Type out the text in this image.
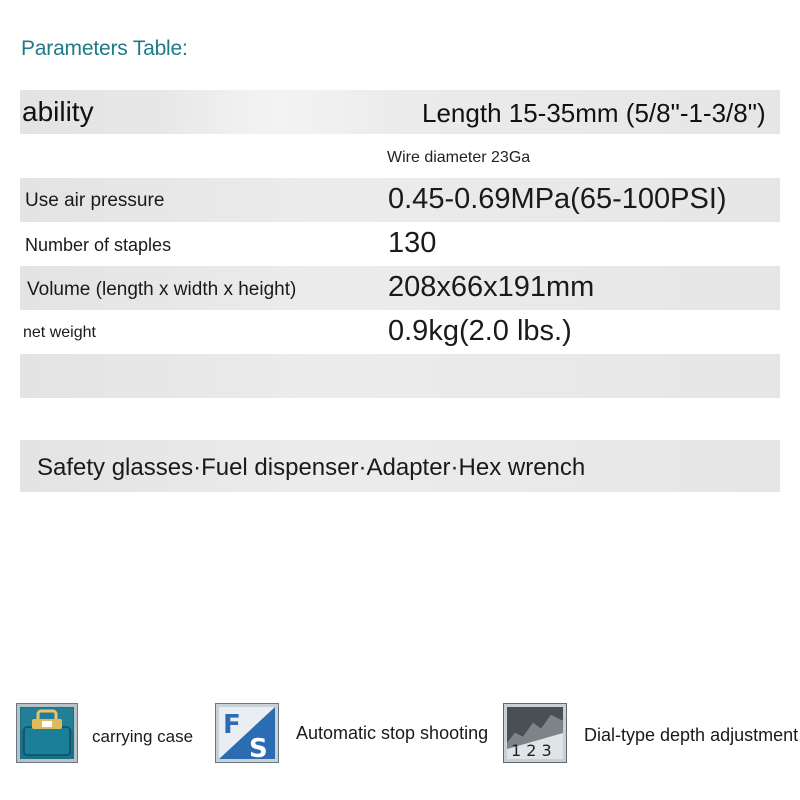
Parameters Table:
ability	Length 15-35mm (5/8"-1-3/8")
Wire diameter 23Ga
Use air pressure	0.45-0.69MPa(65-100PSI)
Number of staples	130
Volume (length x width x height)	208x66x191mm
net weight	0.9kg(2.0 lbs.)
Safety glasses·Fuel dispenser·Adapter·Hex wrench
carrying case F
S
Automatic stop shooting
1 2 3
Dial-type depth adjustment
